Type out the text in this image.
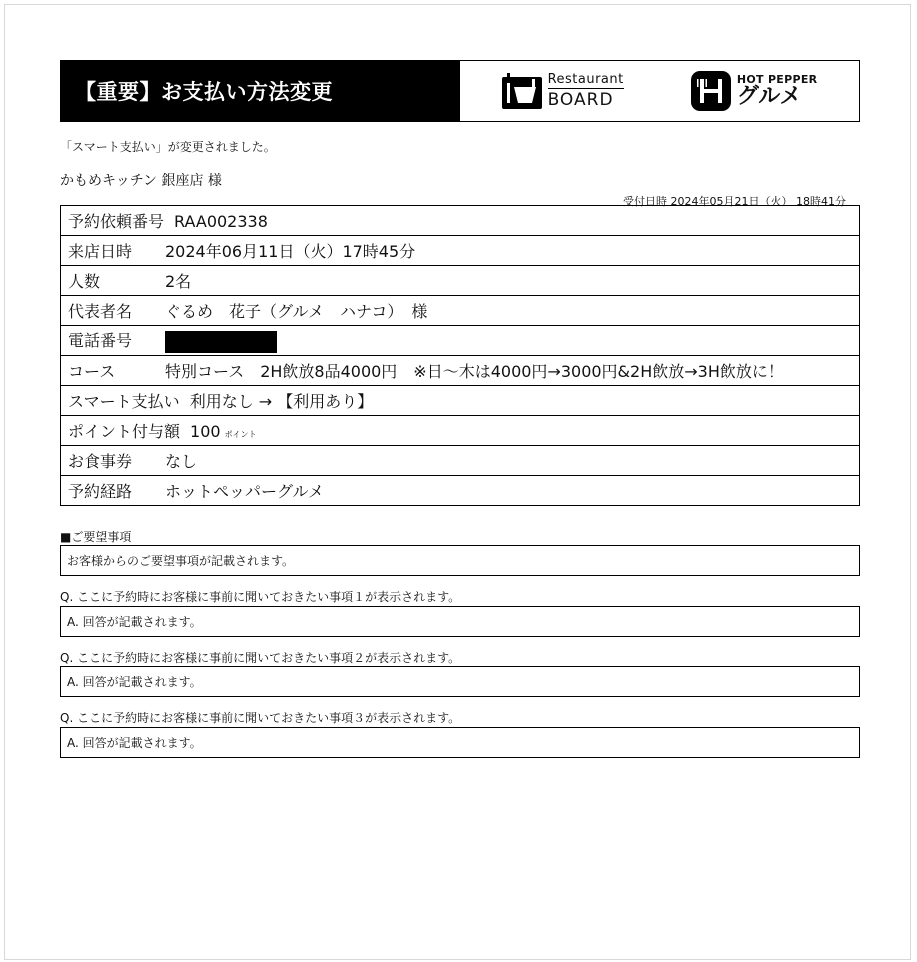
【重要】お支払い方法変更
Restaurant
BOARD
HOT PEPPER
グルメ
「スマート支払い」が変更されました。
かもめキッチン 銀座店 様
受付日時 2024年05月21日（火） 18時41分
予約依頼番号 RAA002338
来店日時 2024年06月11日（火）17時45分
人数	2名
代表者名 ぐるめ　花子（グルメ　ハナコ）　様
電話番号
コース	特別コース　2H飲放8品4000円　※日～木は4000円→3000円&2H飲放→3H飲放に！
スマート支払い 利用なし → 【利用あり】
ポイント付与額 100 ポイント
お食事券 なし
予約経路 ホットペッパーグルメ
■ご要望事項
お客様からのご要望事項が記載されます。
Q. ここに予約時にお客様に事前に聞いておきたい事項１が表示されます。
A. 回答が記載されます。
Q. ここに予約時にお客様に事前に聞いておきたい事項２が表示されます。
A. 回答が記載されます。
Q. ここに予約時にお客様に事前に聞いておきたい事項３が表示されます。
A. 回答が記載されます。
